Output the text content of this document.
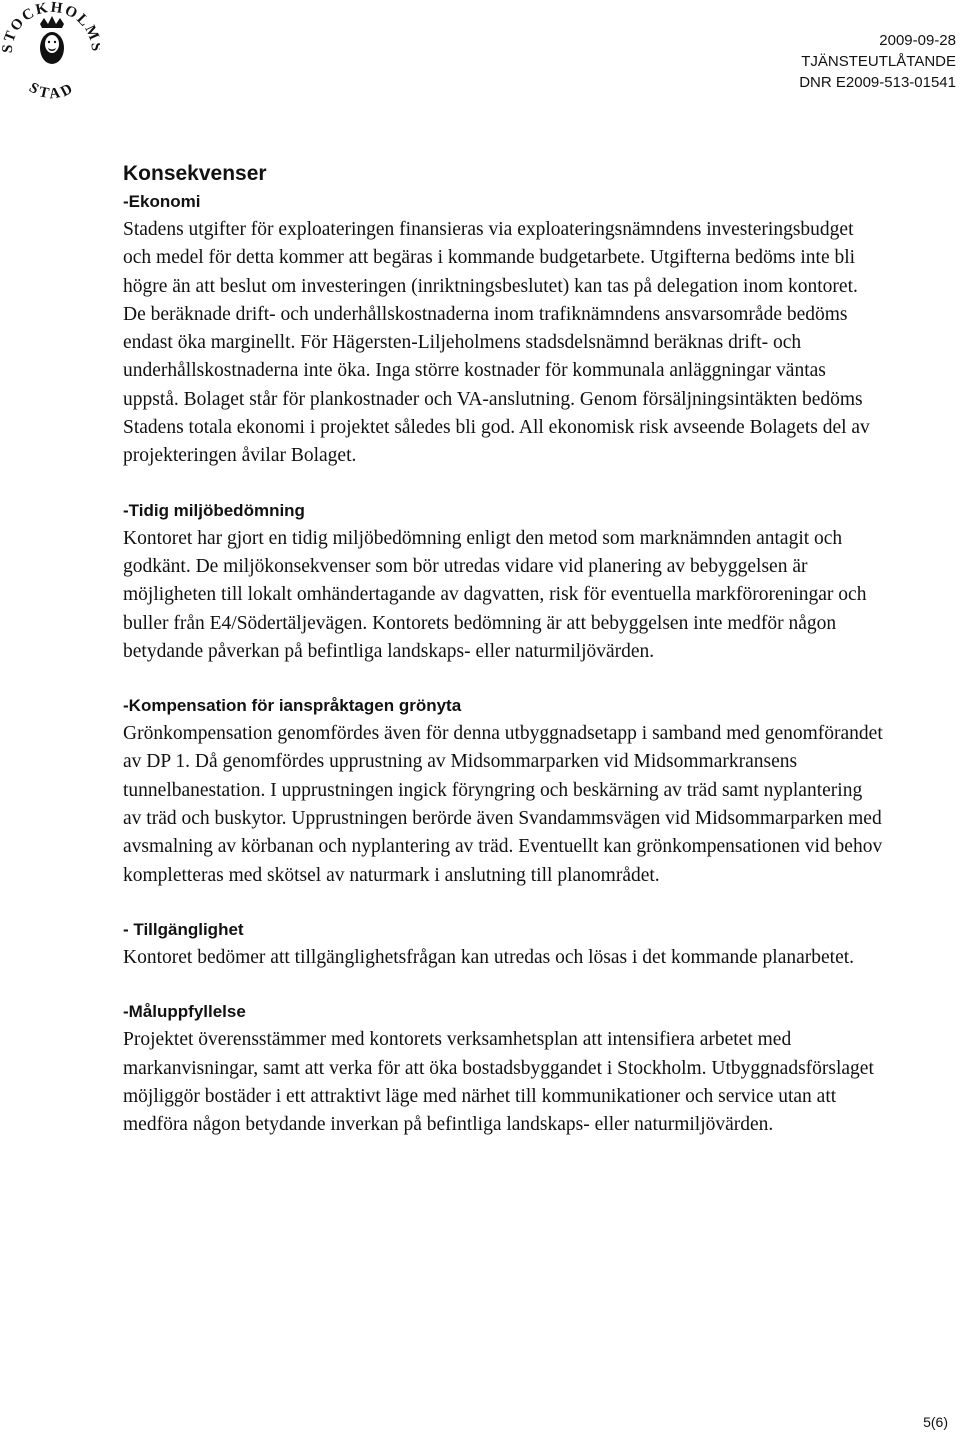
STOCKHOL
STAD
2009-09-28
TJÄNSTEUTLÅTANDE
DNR E2009-513-01541
Konsekvenser
-Ekonomi
Stadens utgifter för exploateringen finansieras via exploateringsnämndens investeringsbudget och medel för detta kommer att begäras i kommande budgetarbete. Utgifterna bedöms inte bli högre än att beslut om investeringen (inriktningsbeslutet) kan tas på delegation inom kontoret. De beräknade drift- och underhållskostnaderna inom trafiknämndens ansvarsområde bedöms endast öka marginellt. För Hägersten-Liljeholmens stadsdelsnämnd beräknas drift- och underhållskostnaderna inte öka. Inga större kostnader för kommunala anläggningar väntas uppstå. Bolaget står för plankostnader och VA-anslutning. Genom försäljningsintäkten bedöms Stadens totala ekonomi i projektet således bli god. All ekonomisk risk avseende Bolagets del av projekteringen åvilar Bolaget.
-Tidig miljöbedömning
Kontoret har gjort en tidig miljöbedömning enligt den metod som marknämnden antagit och godkänt. De miljökonsekvenser som bör utredas vidare vid planering av bebyggelsen är möjligheten till lokalt omhändertagande av dagvatten, risk för eventuella markföroreningar och buller från E4/Södertäljevägen. Kontorets bedömning är att bebyggelsen inte medför någon betydande påverkan på befintliga landskaps- eller naturmiljövärden.
-Kompensation för ianspråktagen grönyta
Grönkompensation genomfördes även för denna utbyggnadsetapp i samband med genomförandet av DP 1. Då genomfördes upprustning av Midsommarparken vid Midsommarkransens tunnelbanestation. I upprustningen ingick föryngring och beskärning av träd samt nyplantering av träd och buskytor. Upprustningen berörde även Svandammsvägen vid Midsommarparken med avsmalning av körbanan och nyplantering av träd. Eventuellt kan grönkompensationen vid behov kompletteras med skötsel av naturmark i anslutning till planområdet.
- Tillgänglighet
Kontoret bedömer att tillgänglighetsfrågan kan utredas och lösas i det kommande planarbetet.
-Måluppfyllelse
Projektet överensstämmer med kontorets verksamhetsplan att intensifiera arbetet med markanvisningar, samt att verka för att öka bostadsbyggandet i Stockholm. Utbyggnadsförslaget möjliggör bostäder i ett attraktivt läge med närhet till kommunikationer och service utan att medföra någon betydande inverkan på befintliga landskaps- eller naturmiljövärden.
5(6)
